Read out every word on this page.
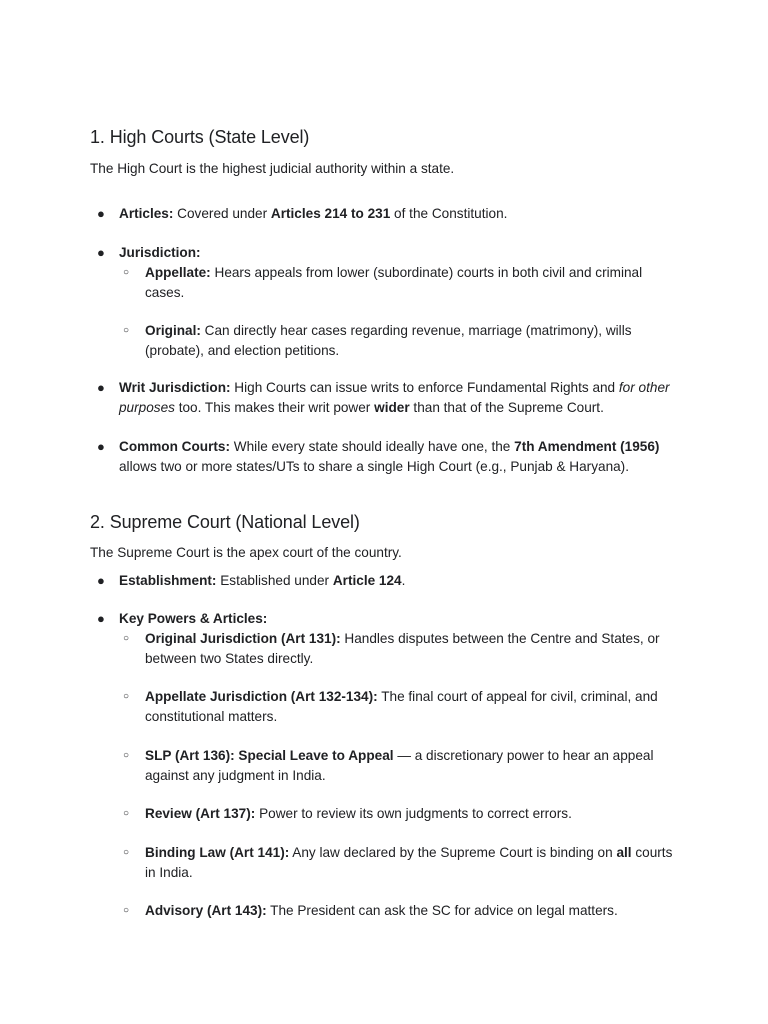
1. High Courts (State Level)

The High Court is the highest judicial authority within a state.

● Articles: Covered under Articles 214 to 231 of the Constitution.
● Jurisdiction:
○ Appellate: Hears appeals from lower (subordinate) courts in both civil and criminal cases.
○ Original: Can directly hear cases regarding revenue, marriage (matrimony), wills (probate), and election petitions.
● Writ Jurisdiction: High Courts can issue writs to enforce Fundamental Rights and for other purposes too. This makes their writ power wider than that of the Supreme Court.
● Common Courts: While every state should ideally have one, the 7th Amendment (1956) allows two or more states/UTs to share a single High Court (e.g., Punjab & Haryana).
2. Supreme Court (National Level)

The Supreme Court is the apex court of the country.

● Establishment: Established under Article 124.
● Key Powers & Articles:
○ Original Jurisdiction (Art 131): Handles disputes between the Centre and States, or between two States directly.
○ Appellate Jurisdiction (Art 132-134): The final court of appeal for civil, criminal, and constitutional matters.
○ SLP (Art 136): Special Leave to Appeal — a discretionary power to hear an appeal against any judgment in India.
○ Review (Art 137): Power to review its own judgments to correct errors.
○ Binding Law (Art 141): Any law declared by the Supreme Court is binding on all courts in India.
○ Advisory (Art 143): The President can ask the SC for advice on legal matters.
